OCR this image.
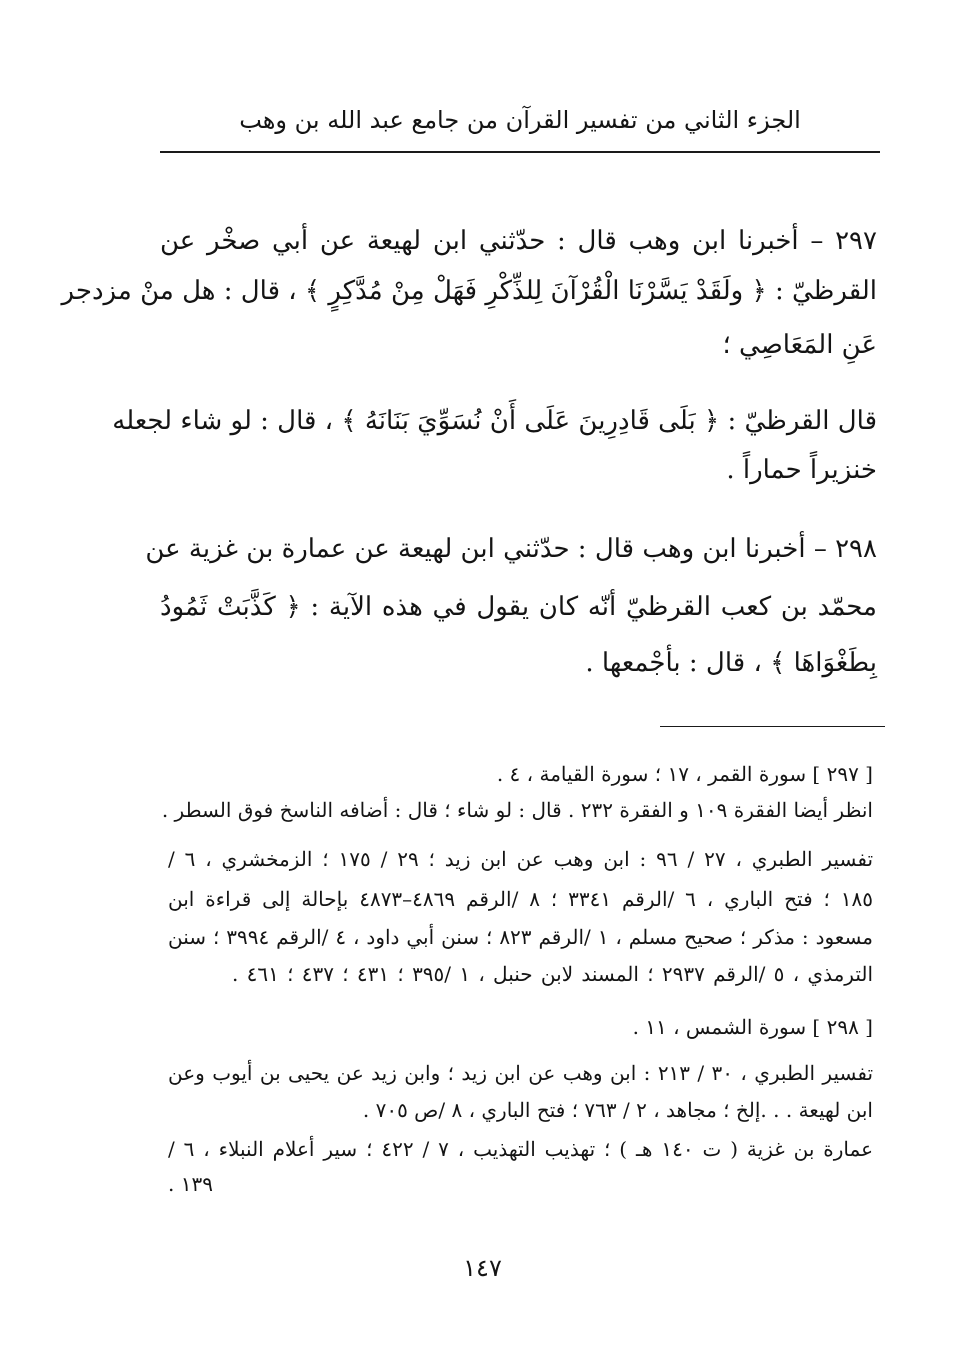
الجزء الثاني من تفسير القرآن من جامع عبد الله بن وهب
٢٩٧ – أخبرنا ابن وهب قال : حدّثني ابن لهيعة عن أبي صخْر عن
القرظيّ : ﴿ ولَقَدْ يَسَّرْنَا الْقُرْآنَ لِلذِّكْرِ فَهَلْ مِنْ مُدَّكِرٍ ﴾ ، قال : هل منْ مزدجر
عَنِ المَعَاصِي ؛
قال القرظيّ : ﴿ بَلَى قَادِرِينَ عَلَى أَنْ نُسَوِّيَ بَنَانَهُ ﴾ ، قال : لو شاء لجعله
خنزيراً حماراً .
٢٩٨ – أخبرنا ابن وهب قال : حدّثني ابن لهيعة عن عمارة بن غزية عن
محمّد بن كعب القرظيّ أنّه كان يقول في هذه الآية : ﴿ كَذَّبَتْ ثَمُودُ
بِطَغْوَاهَا ﴾ ، قال : بأجْمعها .
[ ٢٩٧ ] سورة القمر ، ١٧ ؛ سورة القيامة ، ٤ .
انظر أيضا الفقرة ١٠٩ و الفقرة ٢٣٢ . قال : لو شاء ؛ قال : أضافه الناسخ فوق السطر .
تفسير الطبري ، ٢٧ / ٩٦ : ابن وهب عن ابن زيد ؛ ٢٩ / ١٧٥ ؛ الزمخشري ، ٦ /
١٨٥ ؛ فتح الباري ، ٦ /الرقم ٣٣٤١ ؛ ٨ /الرقم ٤٨٦٩–٤٨٧٣ بإحالة إلى قراءة ابن
مسعود : مذكر ؛ صحيح مسلم ، ١ /الرقم ٨٢٣ ؛ سنن أبي داود ، ٤ /الرقم ٣٩٩٤ ؛ سنن
الترمذي ، ٥ /الرقم ٢٩٣٧ ؛ المسند لابن حنبل ، ١ /٣٩٥ ؛ ٤٣١ ؛ ٤٣٧ ؛ ٤٦١ .
[ ٢٩٨ ] سورة الشمس ، ١١ .
تفسير الطبري ، ٣٠ / ٢١٣ : ابن وهب عن ابن زيد ؛ وابن زيد عن يحيى بن أيوب وعن
ابن لهيعة . . .إلخ ؛ مجاهد ، ٢ / ٧٦٣ ؛ فتح الباري ، ٨ /ص ٧٠٥ .
عمارة بن غزية ( ت ١٤٠ هـ ) ؛ تهذيب التهذيب ، ٧ / ٤٢٢ ؛ سير أعلام النبلاء ، ٦ /
١٣٩ .
١٤٧
